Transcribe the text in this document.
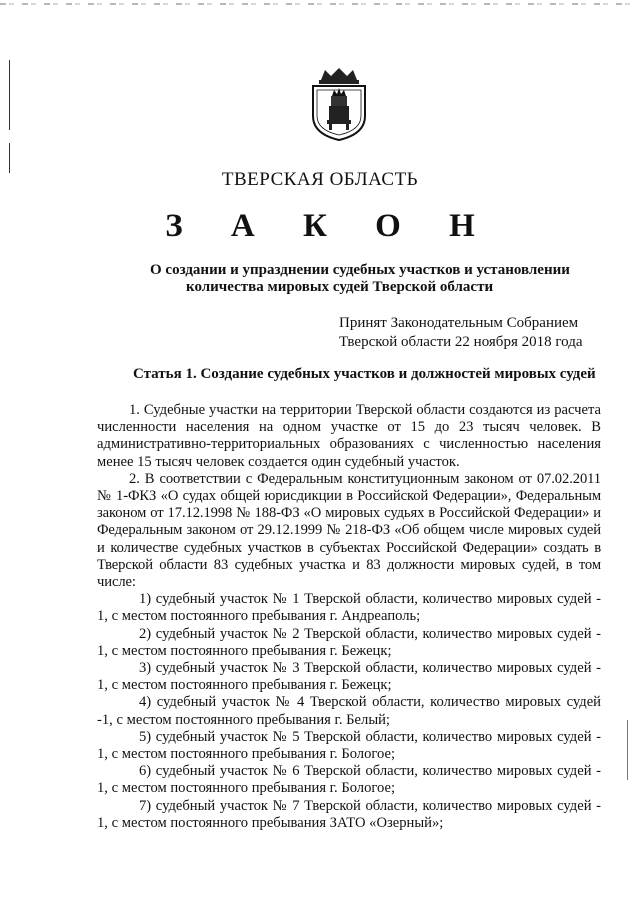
ТВЕРСКАЯ ОБЛАСТЬ
З А К О Н
О создании и упразднении судебных участков и установлении
количества мировых судей Тверской области
Принят Законодательным Собранием
Тверской области 22 ноября 2018 года
Статья 1. Создание судебных участков и должностей мировых судей

1. Судебные участки на территории Тверской области создаются из расчета численности населения на одном участке от 15 до 23 тысяч человек. В административно-территориальных образованиях с численностью населения менее 15 тысяч человек создается один судебный участок.

2. В соответствии с Федеральным конституционным законом от 07.02.2011 № 1-ФКЗ «О судах общей юрисдикции в Российской Федерации», Федеральным законом от 17.12.1998 № 188-ФЗ «О мировых судьях в Российской Федерации» и Федеральным законом от 29.12.1999 № 218-ФЗ «Об общем числе мировых судей и количестве судебных участков в субъектах Российской Федерации» создать в Тверской области 83 судебных участка и 83 должности мировых судей, в том числе:

1) судебный участок № 1 Тверской области, количество мировых судей - 1, с местом постоянного пребывания г. Андреаполь;

2) судебный участок № 2 Тверской области, количество мировых судей - 1, с местом постоянного пребывания г. Бежецк;

3) судебный участок № 3 Тверской области, количество мировых судей - 1, с местом постоянного пребывания г. Бежецк;

4) судебный участок № 4 Тверской области, количество мировых судей -1, с местом постоянного пребывания г. Белый;

5) судебный участок № 5 Тверской области, количество мировых судей - 1, с местом постоянного пребывания г. Бологое;

6) судебный участок № 6 Тверской области, количество мировых судей - 1, с местом постоянного пребывания г. Бологое;

7) судебный участок № 7 Тверской области, количество мировых судей - 1, с местом постоянного пребывания ЗАТО «Озерный»;
